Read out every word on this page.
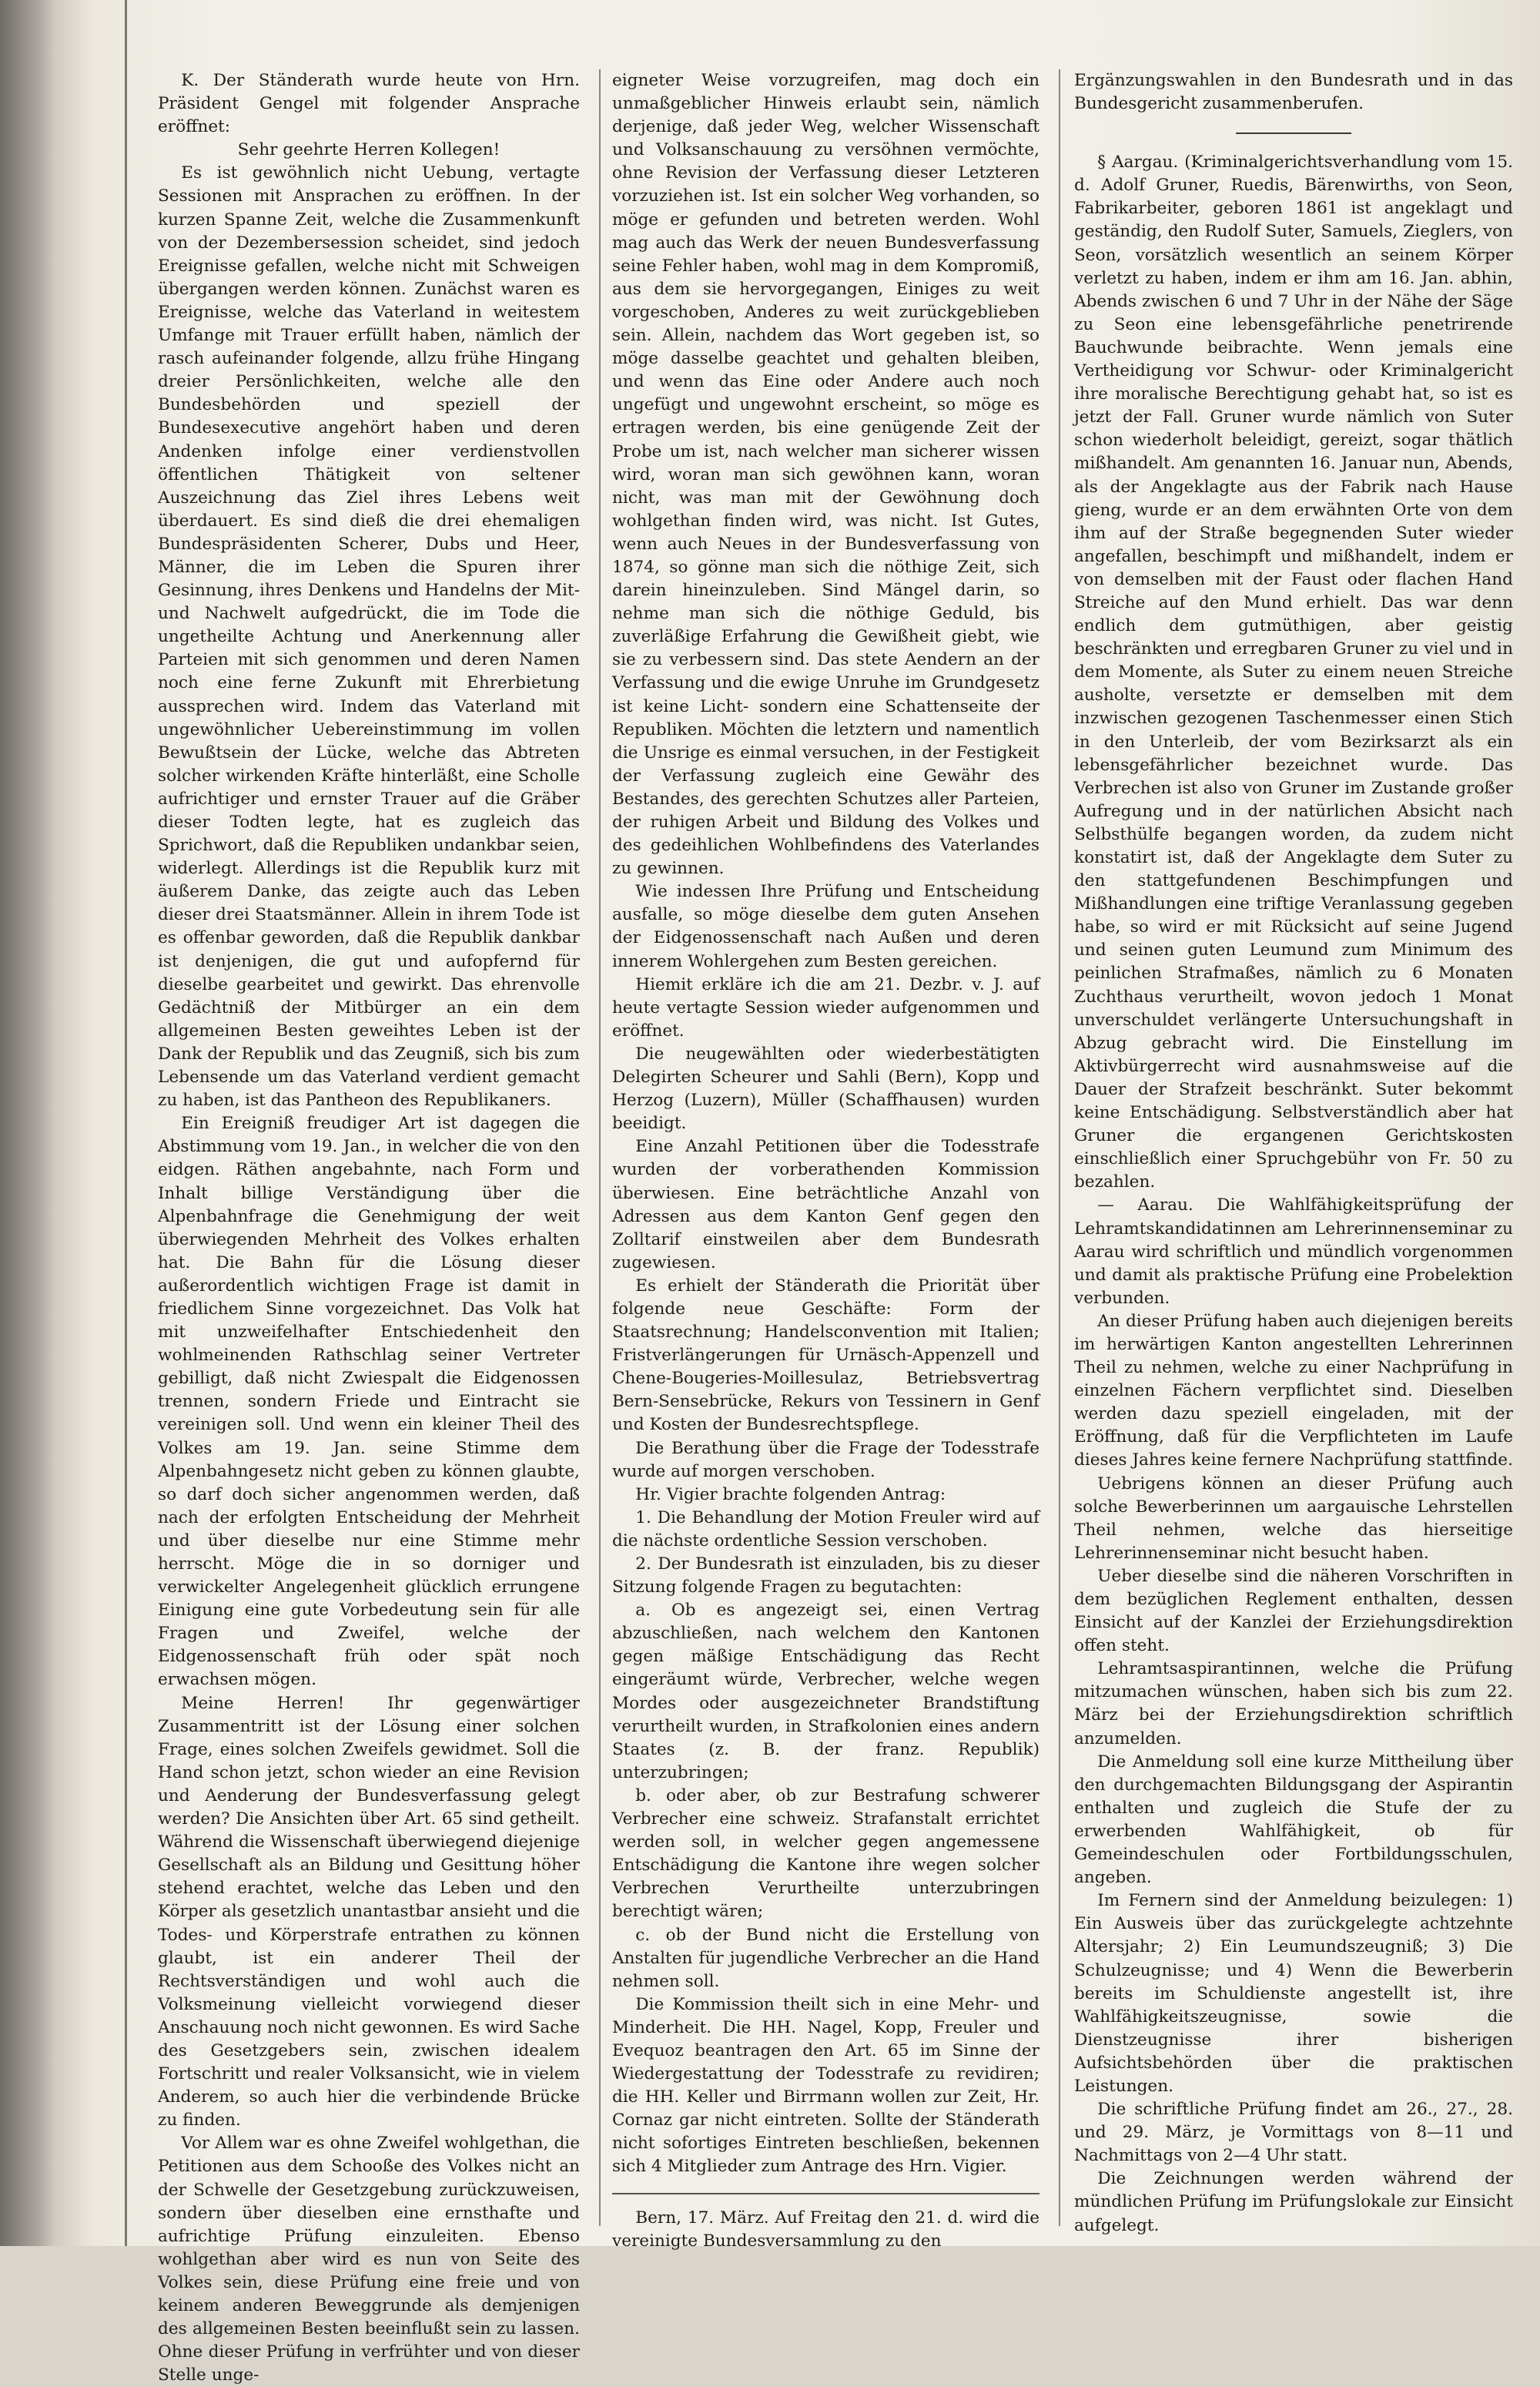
K. Der Ständerath wurde heute von Hrn. Präsident Gengel mit folgender Ansprache eröffnet:

Sehr geehrte Herren Kollegen!

Es ist gewöhnlich nicht Uebung, vertagte Sessionen mit Ansprachen zu eröffnen. In der kurzen Spanne Zeit, welche die Zusammenkunft von der Dezembersession scheidet, sind jedoch Ereignisse gefallen, welche nicht mit Schweigen übergangen werden können. Zunächst waren es Ereignisse, welche das Vaterland in weitestem Umfange mit Trauer erfüllt haben, nämlich der rasch aufeinander folgende, allzu frühe Hingang dreier Persönlichkeiten, welche alle den Bundesbehörden und speziell der Bundesexecutive angehört haben und deren Andenken infolge einer verdienstvollen öffentlichen Thätigkeit von seltener Auszeichnung das Ziel ihres Lebens weit überdauert. Es sind dieß die drei ehemaligen Bundespräsidenten Scherer, Dubs und Heer, Männer, die im Leben die Spuren ihrer Gesinnung, ihres Denkens und Handelns der Mit- und Nachwelt aufgedrückt, die im Tode die ungetheilte Achtung und Anerkennung aller Parteien mit sich genommen und deren Namen noch eine ferne Zukunft mit Ehrerbietung aussprechen wird. Indem das Vaterland mit ungewöhnlicher Uebereinstimmung im vollen Bewußtsein der Lücke, welche das Abtreten solcher wirkenden Kräfte hinterläßt, eine Scholle aufrichtiger und ernster Trauer auf die Gräber dieser Todten legte, hat es zugleich das Sprichwort, daß die Republiken undankbar seien, widerlegt. Allerdings ist die Republik kurz mit äußerem Danke, das zeigte auch das Leben dieser drei Staatsmänner. Allein in ihrem Tode ist es offenbar geworden, daß die Republik dankbar ist denjenigen, die gut und aufopfernd für dieselbe gearbeitet und gewirkt. Das ehrenvolle Gedächtniß der Mitbürger an ein dem allgemeinen Besten geweihtes Leben ist der Dank der Republik und das Zeugniß, sich bis zum Lebensende um das Vaterland verdient gemacht zu haben, ist das Pantheon des Republikaners.

Ein Ereigniß freudiger Art ist dagegen die Abstimmung vom 19. Jan., in welcher die von den eidgen. Räthen angebahnte, nach Form und Inhalt billige Verständigung über die Alpenbahnfrage die Genehmigung der weit überwiegenden Mehrheit des Volkes erhalten hat. Die Bahn für die Lösung dieser außerordentlich wichtigen Frage ist damit in friedlichem Sinne vorgezeichnet. Das Volk hat mit unzweifelhafter Entschiedenheit den wohlmeinenden Rathschlag seiner Vertreter gebilligt, daß nicht Zwiespalt die Eidgenossen trennen, sondern Friede und Eintracht sie vereinigen soll. Und wenn ein kleiner Theil des Volkes am 19. Jan. seine Stimme dem Alpenbahngesetz nicht geben zu können glaubte, so darf doch sicher angenommen werden, daß nach der erfolgten Entscheidung der Mehrheit und über dieselbe nur eine Stimme mehr herrscht. Möge die in so dorniger und verwickelter Angelegenheit glücklich errungene Einigung eine gute Vorbedeutung sein für alle Fragen und Zweifel, welche der Eidgenossenschaft früh oder spät noch erwachsen mögen.

Meine Herren! Ihr gegenwärtiger Zusammentritt ist der Lösung einer solchen Frage, eines solchen Zweifels gewidmet. Soll die Hand schon jetzt, schon wieder an eine Revision und Aenderung der Bundesverfassung gelegt werden? Die Ansichten über Art. 65 sind getheilt. Während die Wissenschaft überwiegend diejenige Gesellschaft als an Bildung und Gesittung höher stehend erachtet, welche das Leben und den Körper als gesetzlich unantastbar ansieht und die Todes- und Körperstrafe entrathen zu können glaubt, ist ein anderer Theil der Rechtsverständigen und wohl auch die Volksmeinung vielleicht vorwiegend dieser Anschauung noch nicht gewonnen. Es wird Sache des Gesetzgebers sein, zwischen idealem Fortschritt und realer Volksansicht, wie in vielem Anderem, so auch hier die verbindende Brücke zu finden.

Vor Allem war es ohne Zweifel wohlgethan, die Petitionen aus dem Schooße des Volkes nicht an der Schwelle der Gesetzgebung zurückzuweisen, sondern über dieselben eine ernsthafte und aufrichtige Prüfung einzuleiten. Ebenso wohlgethan aber wird es nun von Seite des Volkes sein, diese Prüfung eine freie und von keinem anderen Beweggrunde als demjenigen des allgemeinen Besten beeinflußt sein zu lassen. Ohne dieser Prüfung in verfrühter und von dieser Stelle unge-

eigneter Weise vorzugreifen, mag doch ein unmaßgeblicher Hinweis erlaubt sein, nämlich derjenige, daß jeder Weg, welcher Wissenschaft und Volksanschauung zu versöhnen vermöchte, ohne Revision der Verfassung dieser Letzteren vorzuziehen ist. Ist ein solcher Weg vorhanden, so möge er gefunden und betreten werden. Wohl mag auch das Werk der neuen Bundesverfassung seine Fehler haben, wohl mag in dem Kompromiß, aus dem sie hervorgegangen, Einiges zu weit vorgeschoben, Anderes zu weit zurückgeblieben sein. Allein, nachdem das Wort gegeben ist, so möge dasselbe geachtet und gehalten bleiben, und wenn das Eine oder Andere auch noch ungefügt und ungewohnt erscheint, so möge es ertragen werden, bis eine genügende Zeit der Probe um ist, nach welcher man sicherer wissen wird, woran man sich gewöhnen kann, woran nicht, was man mit der Gewöhnung doch wohlgethan finden wird, was nicht. Ist Gutes, wenn auch Neues in der Bundesverfassung von 1874, so gönne man sich die nöthige Zeit, sich darein hineinzuleben. Sind Mängel darin, so nehme man sich die nöthige Geduld, bis zuverläßige Erfahrung die Gewißheit giebt, wie sie zu verbessern sind. Das stete Aendern an der Verfassung und die ewige Unruhe im Grundgesetz ist keine Licht- sondern eine Schattenseite der Republiken. Möchten die letztern und namentlich die Unsrige es einmal versuchen, in der Festigkeit der Verfassung zugleich eine Gewähr des Bestandes, des gerechten Schutzes aller Parteien, der ruhigen Arbeit und Bildung des Volkes und des gedeihlichen Wohlbefindens des Vaterlandes zu gewinnen.

Wie indessen Ihre Prüfung und Entscheidung ausfalle, so möge dieselbe dem guten Ansehen der Eidgenossenschaft nach Außen und deren innerem Wohlergehen zum Besten gereichen.

Hiemit erkläre ich die am 21. Dezbr. v. J. auf heute vertagte Session wieder aufgenommen und eröffnet.

Die neugewählten oder wiederbestätigten Delegirten Scheurer und Sahli (Bern), Kopp und Herzog (Luzern), Müller (Schaffhausen) wurden beeidigt.

Eine Anzahl Petitionen über die Todesstrafe wurden der vorberathenden Kommission überwiesen. Eine beträchtliche Anzahl von Adressen aus dem Kanton Genf gegen den Zolltarif einstweilen aber dem Bundesrath zugewiesen.

Es erhielt der Ständerath die Priorität über folgende neue Geschäfte: Form der Staatsrechnung; Handelsconvention mit Italien; Fristverlängerungen für Urnäsch-Appenzell und Chene-Bougeries-Moillesulaz, Betriebsvertrag Bern-Sensebrücke, Rekurs von Tessinern in Genf und Kosten der Bundesrechtspflege.

Die Berathung über die Frage der Todesstrafe wurde auf morgen verschoben.

Hr. Vigier brachte folgenden Antrag:

1. Die Behandlung der Motion Freuler wird auf die nächste ordentliche Session verschoben.

2. Der Bundesrath ist einzuladen, bis zu dieser Sitzung folgende Fragen zu begutachten:

a. Ob es angezeigt sei, einen Vertrag abzuschließen, nach welchem den Kantonen gegen mäßige Entschädigung das Recht eingeräumt würde, Verbrecher, welche wegen Mordes oder ausgezeichneter Brandstiftung verurtheilt wurden, in Strafkolonien eines andern Staates (z. B. der franz. Republik) unterzubringen;

b. oder aber, ob zur Bestrafung schwerer Verbrecher eine schweiz. Strafanstalt errichtet werden soll, in welcher gegen angemessene Entschädigung die Kantone ihre wegen solcher Verbrechen Verurtheilte unterzubringen berechtigt wären;

c. ob der Bund nicht die Erstellung von Anstalten für jugendliche Verbrecher an die Hand nehmen soll.

Die Kommission theilt sich in eine Mehr- und Minderheit. Die HH. Nagel, Kopp, Freuler und Evequoz beantragen den Art. 65 im Sinne der Wiedergestattung der Todesstrafe zu revidiren; die HH. Keller und Birrmann wollen zur Zeit, Hr. Cornaz gar nicht eintreten. Sollte der Ständerath nicht sofortiges Eintreten beschließen, bekennen sich 4 Mitglieder zum Antrage des Hrn. Vigier.

Bern, 17. März. Auf Freitag den 21. d. wird die vereinigte Bundesversammlung zu den

Ergänzungswahlen in den Bundesrath und in das Bundesgericht zusammenberufen.

§ Aargau. (Kriminalgerichtsverhandlung vom 15. d. Adolf Gruner, Ruedis, Bärenwirths, von Seon, Fabrikarbeiter, geboren 1861 ist angeklagt und geständig, den Rudolf Suter, Samuels, Zieglers, von Seon, vorsätzlich wesentlich an seinem Körper verletzt zu haben, indem er ihm am 16. Jan. abhin, Abends zwischen 6 und 7 Uhr in der Nähe der Säge zu Seon eine lebensgefährliche penetrirende Bauchwunde beibrachte. Wenn jemals eine Vertheidigung vor Schwur- oder Kriminalgericht ihre moralische Berechtigung gehabt hat, so ist es jetzt der Fall. Gruner wurde nämlich von Suter schon wiederholt beleidigt, gereizt, sogar thätlich mißhandelt. Am genannten 16. Januar nun, Abends, als der Angeklagte aus der Fabrik nach Hause gieng, wurde er an dem erwähnten Orte von dem ihm auf der Straße begegnenden Suter wieder angefallen, beschimpft und mißhandelt, indem er von demselben mit der Faust oder flachen Hand Streiche auf den Mund erhielt. Das war denn endlich dem gutmüthigen, aber geistig beschränkten und erregbaren Gruner zu viel und in dem Momente, als Suter zu einem neuen Streiche ausholte, versetzte er demselben mit dem inzwischen gezogenen Taschenmesser einen Stich in den Unterleib, der vom Bezirksarzt als ein lebensgefährlicher bezeichnet wurde. Das Verbrechen ist also von Gruner im Zustande großer Aufregung und in der natürlichen Absicht nach Selbsthülfe begangen worden, da zudem nicht konstatirt ist, daß der Angeklagte dem Suter zu den stattgefundenen Beschimpfungen und Mißhandlungen eine triftige Veranlassung gegeben habe, so wird er mit Rücksicht auf seine Jugend und seinen guten Leumund zum Minimum des peinlichen Strafmaßes, nämlich zu 6 Monaten Zuchthaus verurtheilt, wovon jedoch 1 Monat unverschuldet verlängerte Untersuchungshaft in Abzug gebracht wird. Die Einstellung im Aktivbürgerrecht wird ausnahmsweise auf die Dauer der Strafzeit beschränkt. Suter bekommt keine Entschädigung. Selbstverständlich aber hat Gruner die ergangenen Gerichtskosten einschließlich einer Spruchgebühr von Fr. 50 zu bezahlen.

— Aarau. Die Wahlfähigkeitsprüfung der Lehramtskandidatinnen am Lehrerinnenseminar zu Aarau wird schriftlich und mündlich vorgenommen und damit als praktische Prüfung eine Probelektion verbunden.

An dieser Prüfung haben auch diejenigen bereits im herwärtigen Kanton angestellten Lehrerinnen Theil zu nehmen, welche zu einer Nachprüfung in einzelnen Fächern verpflichtet sind. Dieselben werden dazu speziell eingeladen, mit der Eröffnung, daß für die Verpflichteten im Laufe dieses Jahres keine fernere Nachprüfung stattfinde.

Uebrigens können an dieser Prüfung auch solche Bewerberinnen um aargauische Lehrstellen Theil nehmen, welche das hierseitige Lehrerinnenseminar nicht besucht haben.

Ueber dieselbe sind die näheren Vorschriften in dem bezüglichen Reglement enthalten, dessen Einsicht auf der Kanzlei der Erziehungsdirektion offen steht.

Lehramtsaspirantinnen, welche die Prüfung mitzumachen wünschen, haben sich bis zum 22. März bei der Erziehungsdirektion schriftlich anzumelden.

Die Anmeldung soll eine kurze Mittheilung über den durchgemachten Bildungsgang der Aspirantin enthalten und zugleich die Stufe der zu erwerbenden Wahlfähigkeit, ob für Gemeindeschulen oder Fortbildungsschulen, angeben.

Im Fernern sind der Anmeldung beizulegen: 1) Ein Ausweis über das zurückgelegte achtzehnte Altersjahr; 2) Ein Leumundszeugniß; 3) Die Schulzeugnisse; und 4) Wenn die Bewerberin bereits im Schuldienste angestellt ist, ihre Wahlfähigkeitszeugnisse, sowie die Dienstzeugnisse ihrer bisherigen Aufsichtsbehörden über die praktischen Leistungen.

Die schriftliche Prüfung findet am 26., 27., 28. und 29. März, je Vormittags von 8—11 und Nachmittags von 2—4 Uhr statt.

Die Zeichnungen werden während der mündlichen Prüfung im Prüfungslokale zur Einsicht aufgelegt.
